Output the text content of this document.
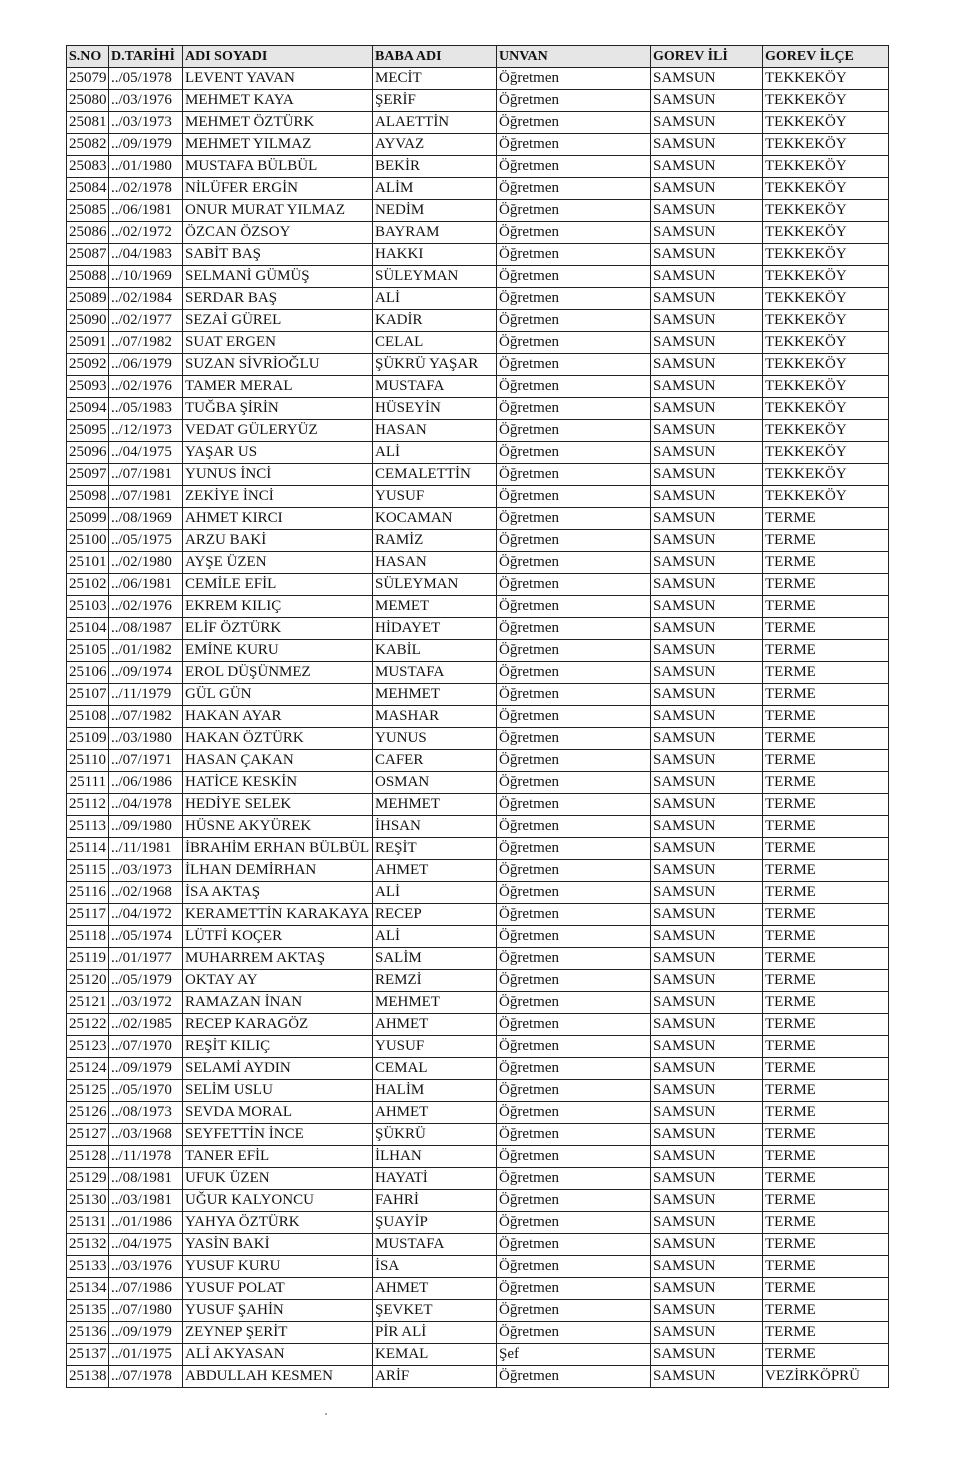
S.NO	D.TARİHİ	ADI SOYADI	BABA ADI	UNVAN	GOREV İLİ	GOREV İLÇE
25079	../05/1978	LEVENT YAVAN	MECİT	Öğretmen	SAMSUN	TEKKEKÖY
25080	../03/1976	MEHMET KAYA	ŞERİF	Öğretmen	SAMSUN	TEKKEKÖY
25081	../03/1973	MEHMET ÖZTÜRK	ALAETTİN	Öğretmen	SAMSUN	TEKKEKÖY
25082	../09/1979	MEHMET YILMAZ	AYVAZ	Öğretmen	SAMSUN	TEKKEKÖY
25083	../01/1980	MUSTAFA BÜLBÜL	BEKİR	Öğretmen	SAMSUN	TEKKEKÖY
25084	../02/1978	NİLÜFER ERGİN	ALİM	Öğretmen	SAMSUN	TEKKEKÖY
25085	../06/1981	ONUR MURAT YILMAZ	NEDİM	Öğretmen	SAMSUN	TEKKEKÖY
25086	../02/1972	ÖZCAN ÖZSOY	BAYRAM	Öğretmen	SAMSUN	TEKKEKÖY
25087	../04/1983	SABİT BAŞ	HAKKI	Öğretmen	SAMSUN	TEKKEKÖY
25088	../10/1969	SELMANİ GÜMÜŞ	SÜLEYMAN	Öğretmen	SAMSUN	TEKKEKÖY
25089	../02/1984	SERDAR BAŞ	ALİ	Öğretmen	SAMSUN	TEKKEKÖY
25090	../02/1977	SEZAİ GÜREL	KADİR	Öğretmen	SAMSUN	TEKKEKÖY
25091	../07/1982	SUAT ERGEN	CELAL	Öğretmen	SAMSUN	TEKKEKÖY
25092	../06/1979	SUZAN SİVRİOĞLU	ŞÜKRÜ YAŞAR	Öğretmen	SAMSUN	TEKKEKÖY
25093	../02/1976	TAMER MERAL	MUSTAFA	Öğretmen	SAMSUN	TEKKEKÖY
25094	../05/1983	TUĞBA ŞİRİN	HÜSEYİN	Öğretmen	SAMSUN	TEKKEKÖY
25095	../12/1973	VEDAT GÜLERYÜZ	HASAN	Öğretmen	SAMSUN	TEKKEKÖY
25096	../04/1975	YAŞAR US	ALİ	Öğretmen	SAMSUN	TEKKEKÖY
25097	../07/1981	YUNUS İNCİ	CEMALETTİN	Öğretmen	SAMSUN	TEKKEKÖY
25098	../07/1981	ZEKİYE İNCİ	YUSUF	Öğretmen	SAMSUN	TEKKEKÖY
25099	../08/1969	AHMET KIRCI	KOCAMAN	Öğretmen	SAMSUN	TERME
25100	../05/1975	ARZU BAKİ	RAMİZ	Öğretmen	SAMSUN	TERME
25101	../02/1980	AYŞE ÜZEN	HASAN	Öğretmen	SAMSUN	TERME
25102	../06/1981	CEMİLE EFİL	SÜLEYMAN	Öğretmen	SAMSUN	TERME
25103	../02/1976	EKREM KILIÇ	MEMET	Öğretmen	SAMSUN	TERME
25104	../08/1987	ELİF ÖZTÜRK	HİDAYET	Öğretmen	SAMSUN	TERME
25105	../01/1982	EMİNE KURU	KABİL	Öğretmen	SAMSUN	TERME
25106	../09/1974	EROL DÜŞÜNMEZ	MUSTAFA	Öğretmen	SAMSUN	TERME
25107	../11/1979	GÜL GÜN	MEHMET	Öğretmen	SAMSUN	TERME
25108	../07/1982	HAKAN AYAR	MASHAR	Öğretmen	SAMSUN	TERME
25109	../03/1980	HAKAN ÖZTÜRK	YUNUS	Öğretmen	SAMSUN	TERME
25110	../07/1971	HASAN ÇAKAN	CAFER	Öğretmen	SAMSUN	TERME
25111	../06/1986	HATİCE KESKİN	OSMAN	Öğretmen	SAMSUN	TERME
25112	../04/1978	HEDİYE SELEK	MEHMET	Öğretmen	SAMSUN	TERME
25113	../09/1980	HÜSNE AKYÜREK	İHSAN	Öğretmen	SAMSUN	TERME
25114	../11/1981	İBRAHİM ERHAN BÜLBÜL	REŞİT	Öğretmen	SAMSUN	TERME
25115	../03/1973	İLHAN DEMİRHAN	AHMET	Öğretmen	SAMSUN	TERME
25116	../02/1968	İSA AKTAŞ	ALİ	Öğretmen	SAMSUN	TERME
25117	../04/1972	KERAMETTİN KARAKAYA	RECEP	Öğretmen	SAMSUN	TERME
25118	../05/1974	LÜTFİ KOÇER	ALİ	Öğretmen	SAMSUN	TERME
25119	../01/1977	MUHARREM AKTAŞ	SALİM	Öğretmen	SAMSUN	TERME
25120	../05/1979	OKTAY AY	REMZİ	Öğretmen	SAMSUN	TERME
25121	../03/1972	RAMAZAN İNAN	MEHMET	Öğretmen	SAMSUN	TERME
25122	../02/1985	RECEP KARAGÖZ	AHMET	Öğretmen	SAMSUN	TERME
25123	../07/1970	REŞİT KILIÇ	YUSUF	Öğretmen	SAMSUN	TERME
25124	../09/1979	SELAMİ AYDIN	CEMAL	Öğretmen	SAMSUN	TERME
25125	../05/1970	SELİM USLU	HALİM	Öğretmen	SAMSUN	TERME
25126	../08/1973	SEVDA MORAL	AHMET	Öğretmen	SAMSUN	TERME
25127	../03/1968	SEYFETTİN İNCE	ŞÜKRÜ	Öğretmen	SAMSUN	TERME
25128	../11/1978	TANER EFİL	İLHAN	Öğretmen	SAMSUN	TERME
25129	../08/1981	UFUK ÜZEN	HAYATİ	Öğretmen	SAMSUN	TERME
25130	../03/1981	UĞUR KALYONCU	FAHRİ	Öğretmen	SAMSUN	TERME
25131	../01/1986	YAHYA ÖZTÜRK	ŞUAYİP	Öğretmen	SAMSUN	TERME
25132	../04/1975	YASİN BAKİ	MUSTAFA	Öğretmen	SAMSUN	TERME
25133	../03/1976	YUSUF KURU	İSA	Öğretmen	SAMSUN	TERME
25134	../07/1986	YUSUF POLAT	AHMET	Öğretmen	SAMSUN	TERME
25135	../07/1980	YUSUF ŞAHİN	ŞEVKET	Öğretmen	SAMSUN	TERME
25136	../09/1979	ZEYNEP ŞERİT	PİR ALİ	Öğretmen	SAMSUN	TERME
25137	../01/1975	ALİ AKYASAN	KEMAL	Şef	SAMSUN	TERME
25138	../07/1978	ABDULLAH KESMEN	ARİF	Öğretmen	SAMSUN	VEZİRKÖPRÜ
